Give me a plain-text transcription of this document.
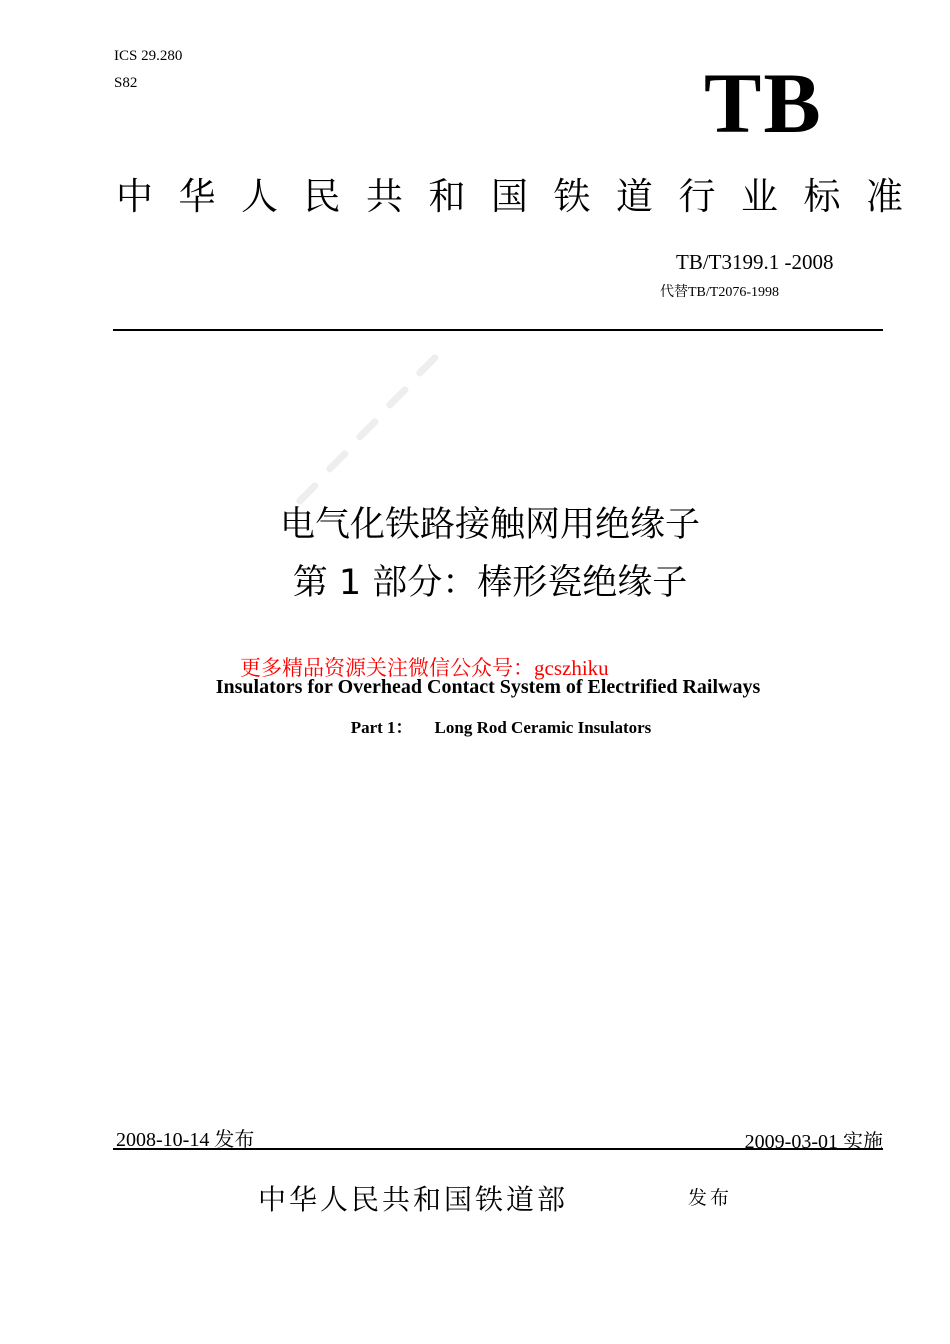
ICS 29.280
S82	TB
中华人民共和国铁道行业标准
TB/T3199.1 -2008
代替TB/T2076-1998
电气化铁路接触网用绝缘子
第 1 部分：棒形瓷绝缘子
Insulators for Overhead Contact System of Electrified Railways
Part 1： Long Rod Ceramic Insulators
更多精品资源关注微信公众号：gcszhiku
2008-10-14 发布	2009-03-01 实施
中华人民共和国铁道部	发布
